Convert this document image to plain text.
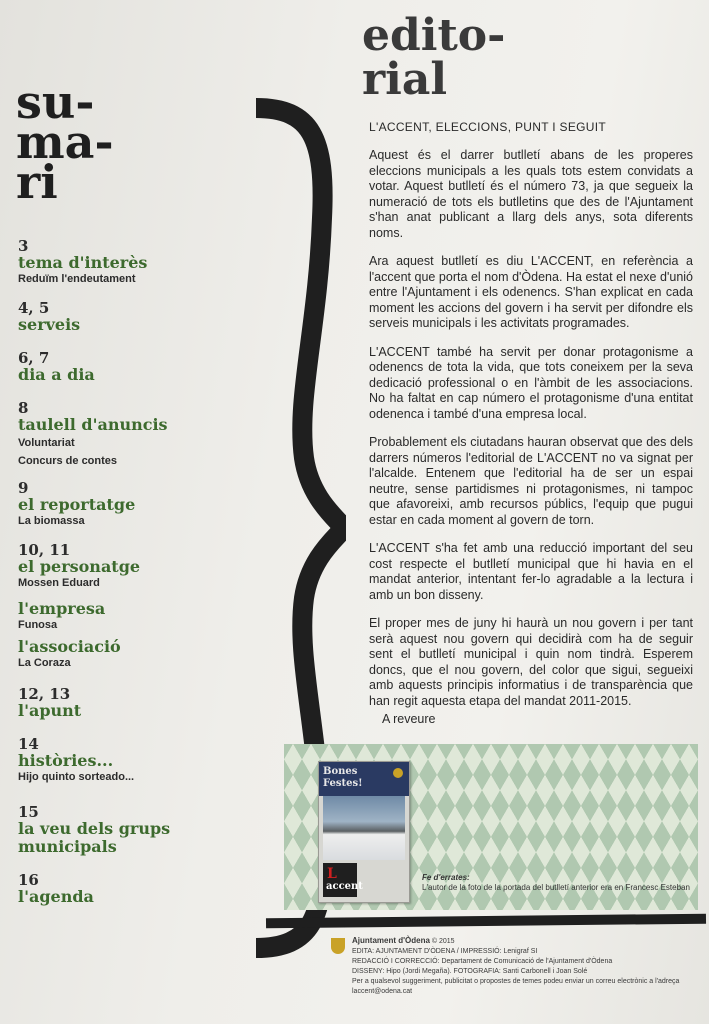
su-
ma-
ri
3
tema d'interès
Reduïm l'endeutament
4, 5
serveis
6, 7
dia a dia
8
taulell d'anuncis
Voluntariat
Concurs de contes
9
el reportatge
La biomassa
10, 11
el personatge
Mossen Eduard
l'empresa
Funosa
l'associació
La Coraza
12, 13
l'apunt
14
històries...
Hijo quinto sorteado...
15
la veu dels grups
municipals
16
l'agenda
edito-
rial
L'ACCENT, ELECCIONS, PUNT I SEGUIT

Aquest és el darrer butlletí abans de les properes eleccions municipals a les quals tots estem convidats a votar. Aquest butlletí és el número 73, ja que segueix la numeració de tots els butlletins que des de l'Ajuntament s'han anat publicant a llarg dels anys, sota diferents noms.

Ara aquest butlletí es diu L'ACCENT, en referència a l'accent que porta el nom d'Òdena. Ha estat el nexe d'unió entre l'Ajuntament i els odenencs. S'han explicat en cada moment les accions del govern i ha servit per difondre els serveis municipals i les activitats programades.

L'ACCENT també ha servit per donar protagonisme a odenencs de tota la vida, que tots coneixem per la seva dedicació professional o en l'àmbit de les associacions. No ha faltat en cap número el protagonisme d'una entitat odenenca i també d'una empresa local.

Probablement els ciutadans hauran observat que des dels darrers números l'editorial de L'ACCENT no va signat per l'alcalde. Entenem que l'editorial ha de ser un espai neutre, sense partidismes ni protagonismes, ni tampoc que afavoreixi, amb recursos públics, l'equip que pugui estar en cada moment al govern de torn.

L'ACCENT s'ha fet amb una reducció important del seu cost respecte el butlletí municipal que hi havia en el mandat anterior, intentant fer-lo agradable a la lectura i amb un bon disseny.

El proper mes de juny hi haurà un nou govern i per tant serà aquest nou govern qui decidirà com ha de seguir sent el butlletí municipal i quin nom tindrà. Esperem doncs, que el nou govern, del color que sigui, segueixi amb aquests principis informatius i de transparència que han regit aquesta etapa del mandat 2011-2015.

A reveure
Bones
Festes!
L
accent
Fe d'errates:
L'autor de la foto de la portada del butlletí anterior era en Francesc Esteban
Ajuntament d'Òdena © 2015
EDITA: AJUNTAMENT D'ÒDENA / IMPRESSIÓ: Lenigraf SI
REDACCIÓ I CORRECCIÓ: Departament de Comunicació de l'Ajuntament d'Òdena
DISSENY: Hipo (Jordi Megaña). FOTOGRAFIA: Santi Carbonell i Joan Solé
Per a qualsevol suggeriment, publicitat o propostes de temes podeu enviar un correu electrònic a l'adreça laccent@odena.cat
